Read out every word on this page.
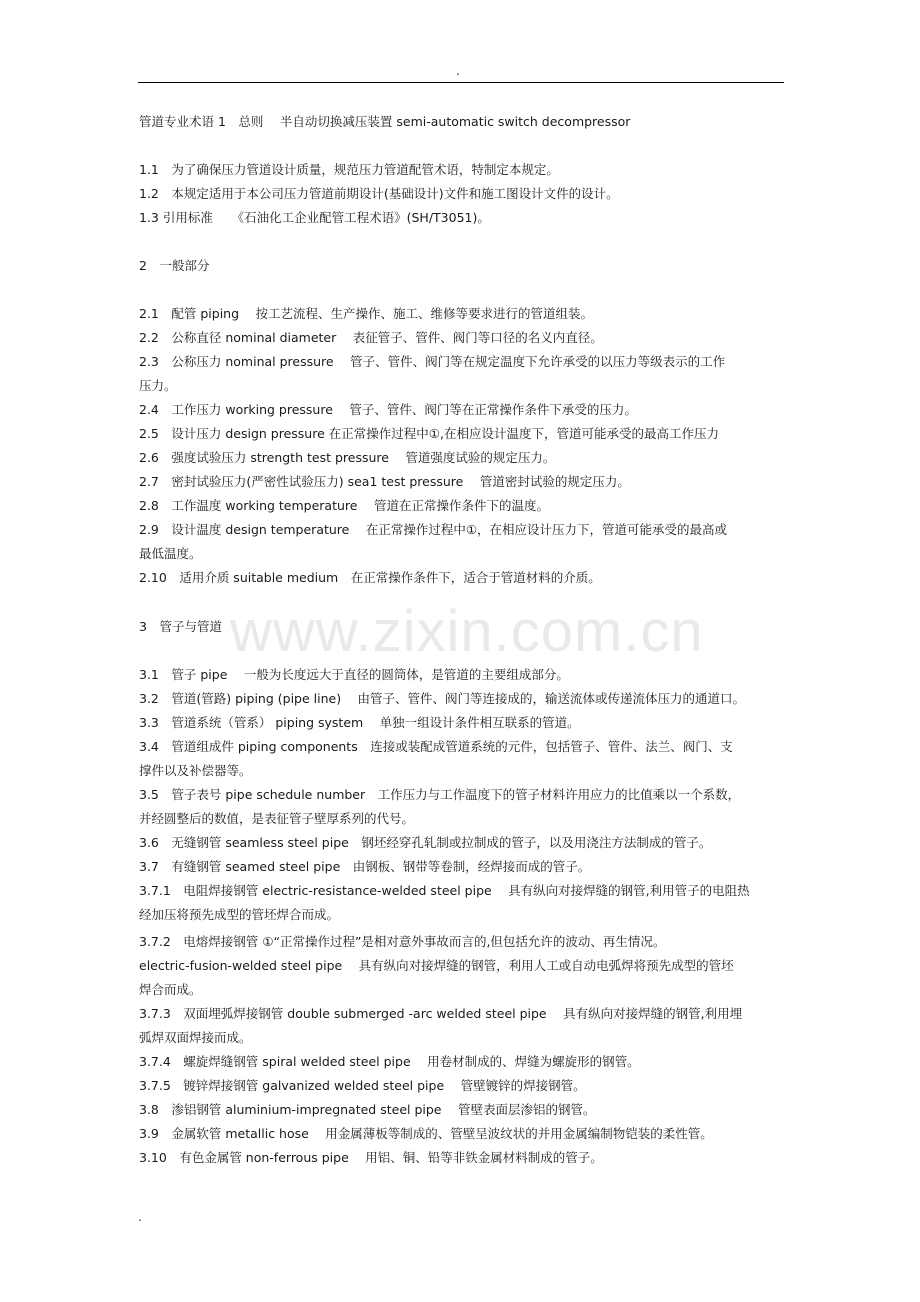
.
www.zixin.com.cn
管道专业术语 1　总则　 半自动切换减压装置 semi-automatic switch decompressor
1.1　为了确保压力管道设计质量，规范压力管道配管术语，特制定本规定。
1.2　本规定适用于本公司压力管道前期设计(基础设计)文件和施工图设计文件的设计。
1.3 引用标准　　《石油化工企业配管工程术语》(SH/T3051)。
2　一般部分
2.1　配管 piping　 按工艺流程、生产操作、施工、维修等要求进行的管道组装。
2.2　公称直径 nominal diameter　 表征管子、管件、阀门等口径的名义内直径。
2.3　公称压力 nominal pressure　 管子、管件、阀门等在规定温度下允许承受的以压力等级表示的工作
压力。
2.4　工作压力 working pressure　 管子、管件、阀门等在正常操作条件下承受的压力。
2.5　设计压力 design pressure 在正常操作过程中①,在相应设计温度下，管道可能承受的最高工作压力
2.6　强度试验压力 strength test pressure　 管道强度试验的规定压力。
2.7　密封试验压力(严密性试验压力) sea1 test pressure　 管道密封试验的规定压力。
2.8　工作温度 working temperature　 管道在正常操作条件下的温度。
2.9　设计温度 design temperature　 在正常操作过程中①，在相应设计压力下，管道可能承受的最高或
最低温度。
2.10　适用介质 suitable medium　在正常操作条件下，适合于管道材料的介质。
3　管子与管道
3.1　管子 pipe　 一般为长度远大于直径的圆筒体，是管道的主要组成部分。
3.2　管道(管路) piping (pipe line)　 由管子、管件、阀门等连接成的，输送流体或传递流体压力的通道口。
3.3　管道系统（管系） piping system　 单独一组设计条件相互联系的管道。
3.4　管道组成件 piping components　连接或装配成管道系统的元件，包括管子、管件、法兰、阀门、支
撑件以及补偿器等。
3.5　管子表号 pipe schedule number　工作压力与工作温度下的管子材料许用应力的比值乘以一个系数，
并经圆整后的数值，是表征管子壁厚系列的代号。
3.6　无缝钢管 seamless steel pipe　钢坯经穿孔轧制或拉制成的管子，以及用浇注方法制成的管子。
3.7　有缝钢管 seamed steel pipe　由钢板、钢带等卷制，经焊接而成的管子。
3.7.1　电阻焊接钢管 electric-resistance-welded steel pipe　 具有纵向对接焊缝的钢管,利用管子的电阻热
经加压将预先成型的管坯焊合而成。
3.7.2　电熔焊接钢管 ①“正常操作过程”是相对意外事故而言的,但包括允许的波动、再生情况。
electric-fusion-welded steel pipe　 具有纵向对接焊缝的钢管，利用人工或自动电弧焊将预先成型的管坯
焊合而成。
3.7.3　双面埋弧焊接钢管 double submerged -arc welded steel pipe　 具有纵向对接焊缝的钢管,利用埋
弧焊双面焊接而成。
3.7.4　螺旋焊缝钢管 spiral welded steel pipe　 用卷材制成的、焊缝为螺旋形的钢管。
3.7.5　镀锌焊接钢管 galvanized welded steel pipe　 管壁镀锌的焊接钢管。
3.8　渗铝钢管 aluminium-impregnated steel pipe　 管壁表面层渗铝的钢管。
3.9　金属软管 metallic hose　 用金属薄板等制成的、管壁呈波纹状的并用金属编制物铠装的柔性管。
3.10　有色金属管 non-ferrous pipe　 用铝、铜、铅等非铁金属材料制成的管子。
.
